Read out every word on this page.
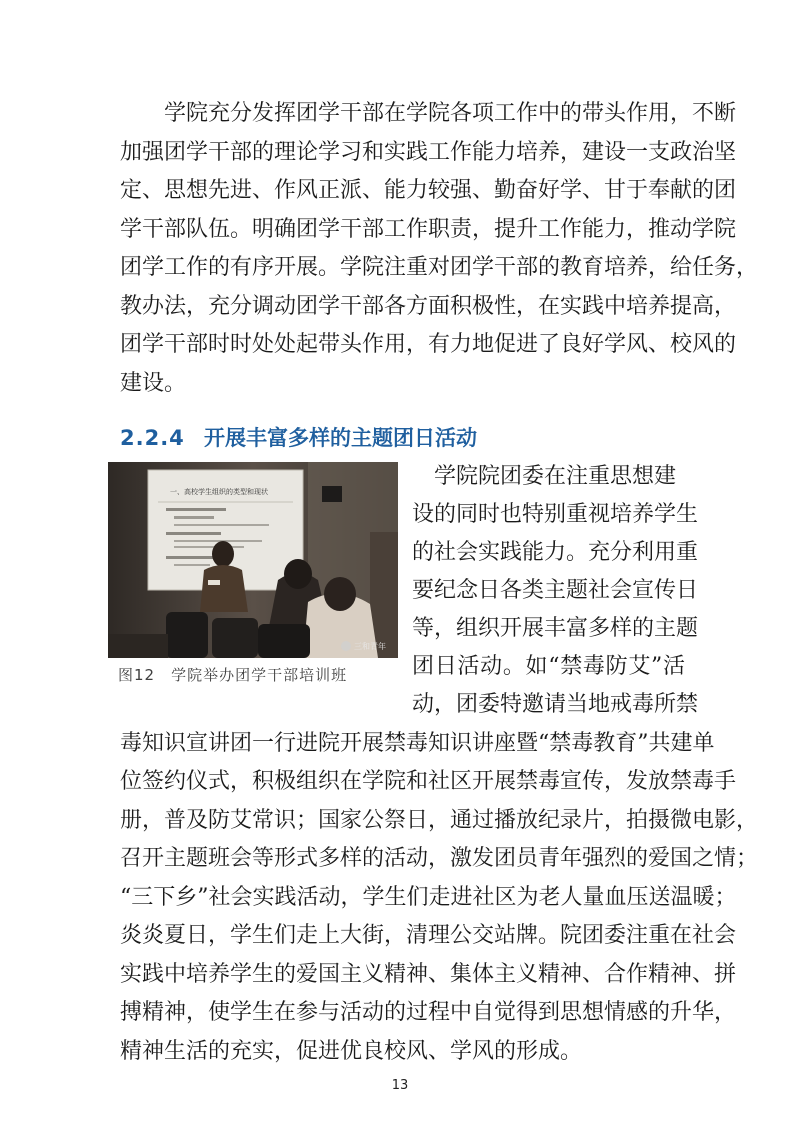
学院充分发挥团学干部在学院各项工作中的带头作用，不断
加强团学干部的理论学习和实践工作能力培养，建设一支政治坚
定、思想先进、作风正派、能力较强、勤奋好学、甘于奉献的团
学干部队伍。明确团学干部工作职责，提升工作能力，推动学院
团学工作的有序开展。学院注重对团学干部的教育培养，给任务，
教办法，充分调动团学干部各方面积极性，在实践中培养提高，
团学干部时时处处起带头作用，有力地促进了良好学风、校风的
建设。
2.2.4 开展丰富多样的主题团日活动
一、高校学生组织的类型和现状
三和青年
图12 学院举办团学干部培训班
学院院团委在注重思想建
设的同时也特别重视培养学生
的社会实践能力。充分利用重
要纪念日各类主题社会宣传日
等，组织开展丰富多样的主题
团日活动。如“禁毒防艾”活
动，团委特邀请当地戒毒所禁
毒知识宣讲团一行进院开展禁毒知识讲座暨“禁毒教育”共建单
位签约仪式，积极组织在学院和社区开展禁毒宣传，发放禁毒手
册，普及防艾常识；国家公祭日，通过播放纪录片，拍摄微电影，
召开主题班会等形式多样的活动，激发团员青年强烈的爱国之情；
“三下乡”社会实践活动，学生们走进社区为老人量血压送温暖；
炎炎夏日，学生们走上大街，清理公交站牌。院团委注重在社会
实践中培养学生的爱国主义精神、集体主义精神、合作精神、拼
搏精神，使学生在参与活动的过程中自觉得到思想情感的升华，
精神生活的充实，促进优良校风、学风的形成。
13
